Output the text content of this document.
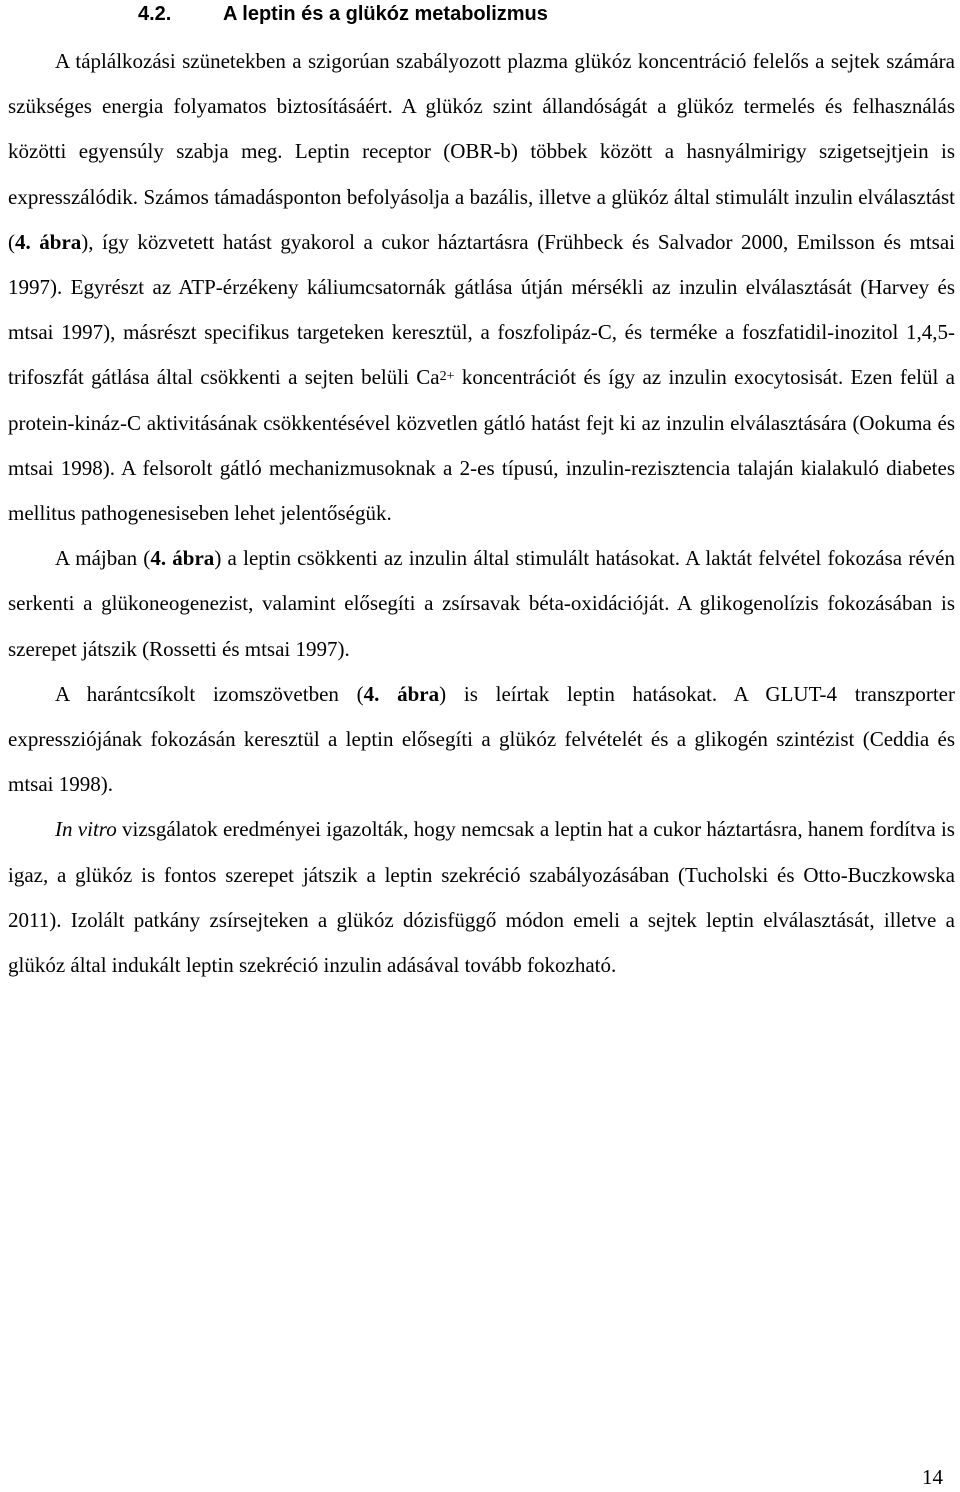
4.2.	A leptin és a glükóz metabolizmus

A táplálkozási szünetekben a szigorúan szabályozott plazma glükóz koncentráció felelős a sejtek számára szükséges energia folyamatos biztosításáért. A glükóz szint állandóságát a glükóz termelés és felhasználás közötti egyensúly szabja meg. Leptin receptor (OBR-b) többek között a hasnyálmirigy szigetsejtjein is expresszálódik. Számos támadásponton befolyásolja a bazális, illetve a glükóz által stimulált inzulin elválasztást (4. ábra), így közvetett hatást gyakorol a cukor háztartásra (Frühbeck és Salvador 2000, Emilsson és mtsai 1997). Egyrészt az ATP-érzékeny káliumcsatornák gátlása útján mérsékli az inzulin elválasztását (Harvey és mtsai 1997), másrészt specifikus targeteken keresztül, a foszfolipáz-C, és terméke a foszfatidil-inozitol 1,4,5-trifoszfát gátlása által csökkenti a sejten belüli $Ca^{2+}$ koncentrációt és így az inzulin exocytosisát. Ezen felül a protein-kináz-C aktivitásának csökkentésével közvetlen gátló hatást fejt ki az inzulin elválasztására (Ookuma és mtsai 1998). A felsorolt gátló mechanizmusoknak a 2-es típusú, inzulin-rezisztencia talaján kialakuló diabetes mellitus pathogenesiseben lehet jelentőségük.

A májban (4. ábra) a leptin csökkenti az inzulin által stimulált hatásokat. A laktát felvétel fokozása révén serkenti a glükoneogenezist, valamint elősegíti a zsírsavak béta-oxidációját. A glikogenolízis fokozásában is szerepet játszik (Rossetti és mtsai 1997).

A harántcsíkolt izomszövetben (4. ábra) is leírtak leptin hatásokat. A GLUT-4 transzporter expressziójának fokozásán keresztül a leptin elősegíti a glükóz felvételét és a glikogén szintézist (Ceddia és mtsai 1998).

In vitro vizsgálatok eredményei igazolták, hogy nemcsak a leptin hat a cukor háztartásra, hanem fordítva is igaz, a glükóz is fontos szerepet játszik a leptin szekréció szabályozásában (Tucholski és Otto-Buczkowska 2011). Izolált patkány zsírsejteken a glükóz dózisfüggő módon emeli a sejtek leptin elválasztását, illetve a glükóz által indukált leptin szekréció inzulin adásával tovább fokozható.

14
